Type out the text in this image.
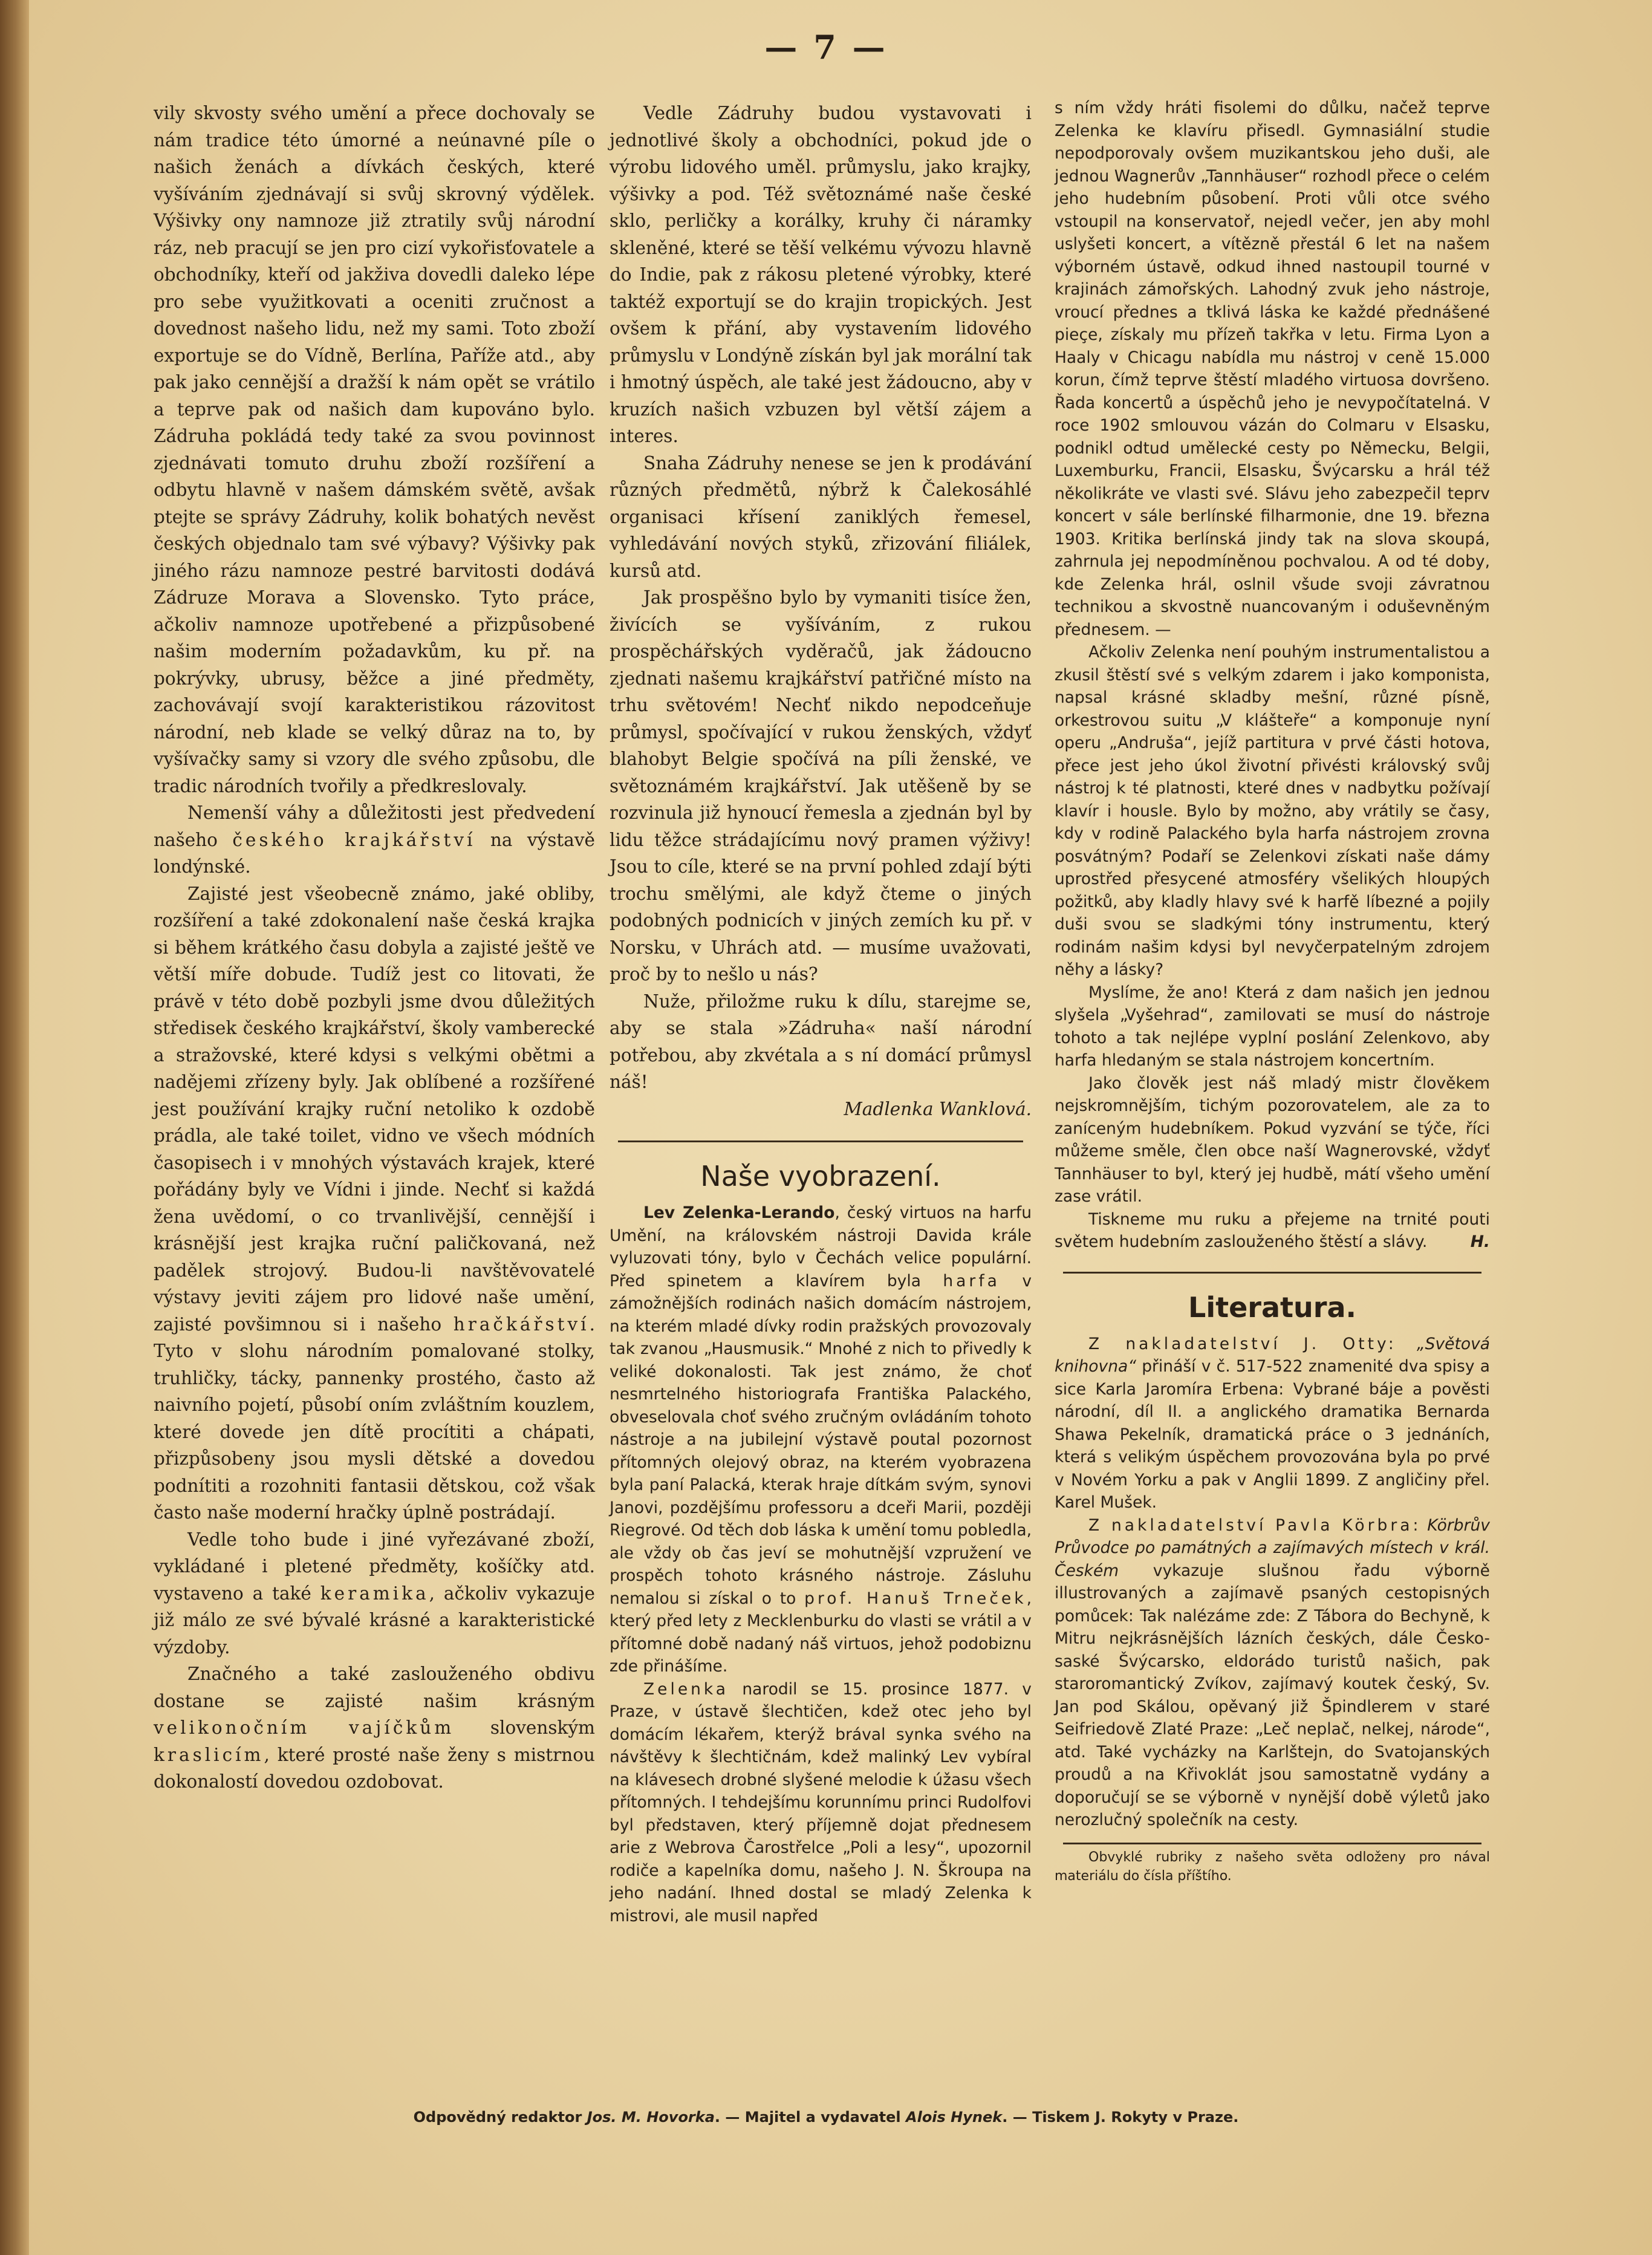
— 7 —

vily skvosty svého umění a přece dochovaly se nám tradice této úmorné a neúnavné píle o našich ženách a dívkách českých, které vyšíváním zjednávají si svůj skrovný výdělek. Výšivky ony namnoze již ztratily svůj národní ráz, neb pracují se jen pro cizí vykořisťovatele a obchodníky, kteří od jakživa dovedli daleko lépe pro sebe využitkovati a oceniti zručnost a dovednost našeho lidu, než my sami. Toto zboží exportuje se do Vídně, Berlína, Paříže atd., aby pak jako cennější a dražší k nám opět se vrátilo a teprve pak od našich dam kupováno bylo. Zádruha pokládá tedy také za svou povinnost zjednávati tomuto druhu zboží rozšíření a odbytu hlavně v našem dámském světě, avšak ptejte se správy Zádruhy, kolik bohatých nevěst českých objednalo tam své výbavy? Výšivky pak jiného rázu namnoze pestré barvitosti dodává Zádruze Morava a Slovensko. Tyto práce, ačkoliv namnoze upotřebené a přizpůsobené našim moderním požadavkům, ku př. na pokrývky, ubrusy, běžce a jiné předměty, zachovávají svojí karakteristikou rázovitost národní, neb klade se velký důraz na to, by vyšívačky samy si vzory dle svého způsobu, dle tradic národních tvořily a předkreslovaly.

Nemenší váhy a důležitosti jest předvedení našeho českého krajkářství na výstavě londýnské.

Zajisté jest všeobecně známo, jaké obliby, rozšíření a také zdokonalení naše česká krajka si během krátkého času dobyla a zajisté ještě ve větší míře dobude. Tudíž jest co litovati, že právě v této době pozbyli jsme dvou důležitých středisek českého krajkářství, školy vamberecké a stražovské, které kdysi s velkými obětmi a nadějemi zřízeny byly. Jak oblíbené a rozšířené jest používání krajky ruční netoliko k ozdobě prádla, ale také toilet, vidno ve všech módních časopisech i v mnohých výstavách krajek, které pořádány byly ve Vídni i jinde. Nechť si každá žena uvědomí, o co trvanlivější, cennější i krásnější jest krajka ruční paličkovaná, než padělek strojový. Budou-li navštěvovatelé výstavy jeviti zájem pro lidové naše umění, zajisté povšimnou si i našeho hračkářství. Tyto v slohu národním pomalované stolky, truhličky, tácky, pannenky prostého, často až naivního pojetí, působí oním zvláštním kouzlem, které dovede jen dítě procítiti a chápati, přizpůsobeny jsou mysli dětské a dovedou podnítiti a rozohniti fantasii dětskou, což však často naše moderní hračky úplně postrádají.

Vedle toho bude i jiné vyřezávané zboží, vykládané i pletené předměty, košíčky atd. vystaveno a také keramika, ačkoliv vykazuje již málo ze své bývalé krásné a karakteristické výzdoby.

Značného a také zaslouženého obdivu dostane se zajisté našim krásným velikonočním vajíčkům slovenským kraslicím, které prosté naše ženy s mistrnou dokonalostí dovedou ozdobovat.

Vedle Zádruhy budou vystavovati i jednotlivé školy a obchodníci, pokud jde o výrobu lidového uměl. průmyslu, jako krajky, výšivky a pod. Též světoznámé naše české sklo, perličky a korálky, kruhy či náramky skleněné, které se těší velkému vývozu hlavně do Indie, pak z rákosu pletené výrobky, které taktéž exportují se do krajin tropických. Jest ovšem k přání, aby vystavením lidového průmyslu v Londýně získán byl jak morální tak i hmotný úspěch, ale také jest žádoucno, aby v kruzích našich vzbuzen byl větší zájem a interes.

Snaha Zádruhy nenese se jen k prodávání různých předmětů, nýbrž k Čalekosáhlé organisaci křísení zaniklých řemesel, vyhledávání nových styků, zřizování filiálek, kursů atd.

Jak prospěšno bylo by vymaniti tisíce žen, živících se vyšíváním, z rukou prospěchářských vyděračů, jak žádoucno zjednati našemu krajkářství patřičné místo na trhu světovém! Nechť nikdo nepodceňuje průmysl, spočívající v rukou ženských, vždyť blahobyt Belgie spočívá na píli ženské, ve světoznámém krajkářství. Jak utěšeně by se rozvinula již hynoucí řemesla a zjednán byl by lidu těžce strádajícímu nový pramen výživy! Jsou to cíle, které se na první pohled zdají býti trochu smělými, ale když čteme o jiných podobných podnicích v jiných zemích ku př. v Norsku, v Uhrách atd. — musíme uvažovati, proč by to nešlo u nás?

Nuže, přiložme ruku k dílu, starejme se, aby se stala »Zádruha« naší národní potřebou, aby zkvétala a s ní domácí průmysl náš!

Madlenka Wanklová.

Naše vyobrazení.

Lev Zelenka-Lerando, český virtuos na harfu Umění, na královském nástroji Davida krále vyluzovati tóny, bylo v Čechách velice populární. Před spinetem a klavírem byla harfa v zámožnějších rodinách našich domácím nástrojem, na kterém mladé dívky rodin pražských provozovaly tak zvanou „Hausmusik.“ Mnohé z nich to přivedly k veliké dokonalosti. Tak jest známo, že choť nesmrtelného historiografa Františka Palackého, obveselovala choť svého zručným ovládáním tohoto nástroje a na jubilejní výstavě poutal pozornost přítomných olejový obraz, na kterém vyobrazena byla paní Palacká, kterak hraje dítkám svým, synovi Janovi, pozdějšímu professoru a dceři Marii, později Riegrové. Od těch dob láska k umění tomu pobledla, ale vždy ob čas jeví se mohutnější vzpružení ve prospěch tohoto krásného nástroje. Zásluhu nemalou si získal o to prof. Hanuš Trneček, který před lety z Mecklenburku do vlasti se vrátil a v přítomné době nadaný náš virtuos, jehož podobiznu zde přinášíme.

Zelenka narodil se 15. prosince 1877. v Praze, v ústavě šlechtičen, kdež otec jeho byl domácím lékařem, kterýž brával synka svého na návštěvy k šlechtičnám, kdež malinký Lev vybíral na klávesech drobné slyšené melodie k úžasu všech přítomných. I tehdejšímu korunnímu princi Rudolfovi byl představen, který příjemně dojat přednesem arie z Webrova Čarostřelce „Poli a lesy“, upozornil rodiče a kapelníka domu, našeho J. N. Škroupa na jeho nadání. Ihned dostal se mladý Zelenka k mistrovi, ale musil napřed

s ním vždy hráti fisolemi do důlku, načež teprve Zelenka ke klavíru přisedl. Gymnasiální studie nepodporovaly ovšem muzikantskou jeho duši, ale jednou Wagnerův „Tannhäuser“ rozhodl přece o celém jeho hudebním působení. Proti vůli otce svého vstoupil na konservatoř, nejedl večer, jen aby mohl uslyšeti koncert, a vítězně přestál 6 let na našem výborném ústavě, odkud ihned nastoupil tourné v krajinách zámořských. Lahodný zvuk jeho nástroje, vroucí přednes a tklivá láska ke každé přednášené pieçe, získaly mu přízeň takřka v letu. Firma Lyon a Haaly v Chicagu nabídla mu nástroj v ceně 15.000 korun, čímž teprve štěstí mladého virtuosa dovršeno. Řada koncertů a úspěchů jeho je nevypočítatelná. V roce 1902 smlouvou vázán do Colmaru v Elsasku, podnikl odtud umělecké cesty po Německu, Belgii, Luxemburku, Francii, Elsasku, Švýcarsku a hrál též několikráte ve vlasti své. Slávu jeho zabezpečil teprv koncert v sále berlínské filharmonie, dne 19. března 1903. Kritika berlínská jindy tak na slova skoupá, zahrnula jej nepodmíněnou pochvalou. A od té doby, kde Zelenka hrál, oslnil všude svoji závratnou technikou a skvostně nuancovaným i oduševněným přednesem. —

Ačkoliv Zelenka není pouhým instrumentalistou a zkusil štěstí své s velkým zdarem i jako komponista, napsal krásné skladby mešní, různé písně, orkestrovou suitu „V klášteře“ a komponuje nyní operu „Andruša“, jejíž partitura v prvé části hotova, přece jest jeho úkol životní přivésti královský svůj nástroj k té platnosti, které dnes v nadbytku požívají klavír i housle. Bylo by možno, aby vrátily se časy, kdy v rodině Palackého byla harfa nástrojem zrovna posvátným? Podaří se Zelenkovi získati naše dámy uprostřed přesycené atmosféry všelikých hloupých požitků, aby kladly hlavy své k harfě líbezné a pojily duši svou se sladkými tóny instrumentu, který rodinám našim kdysi byl nevyčerpatelným zdrojem něhy a lásky?

Myslíme, že ano! Která z dam našich jen jednou slyšela „Vyšehrad“, zamilovati se musí do nástroje tohoto a tak nejlépe vyplní poslání Zelenkovo, aby harfa hledaným se stala nástrojem koncertním.

Jako člověk jest náš mladý mistr člověkem nejskromnějším, tichým pozorovatelem, ale za to zaníceným hudebníkem. Pokud vyzvání se týče, říci můžeme směle, člen obce naší Wagnerovské, vždyť Tannhäuser to byl, který jej hudbě, mátí všeho umění zase vrátil.

Tiskneme mu ruku a přejeme na trnité pouti světem hudebním zaslouženého štěstí a slávy.	H.

Literatura.

Z nakladatelství J. Otty: „Světová knihovna“ přináší v č. 517-522 znamenité dva spisy a sice Karla Jaromíra Erbena: Vybrané báje a pověsti národní, díl II. a anglického dramatika Bernarda Shawa Pekelník, dramatická práce o 3 jednáních, která s velikým úspěchem provozována byla po prvé v Novém Yorku a pak v Anglii 1899. Z angličiny přel. Karel Mušek.

Z nakladatelství Pavla Körbra: Körbrův Průvodce po památných a zajímavých místech v král. Českém vykazuje slušnou řadu výborně illustrovaných a zajímavě psaných cestopisných pomůcek: Tak nalézáme zde: Z Tábora do Bechyně, k Mitru nejkrásnějších lázních českých, dále Česko-saské Švýcarsko, eldorádo turistů našich, pak staroromantický Zvíkov, zajímavý koutek český, Sv. Jan pod Skálou, opěvaný již Špindlerem v staré Seifriedově Zlaté Praze: „Leč neplač, nelkej, národe“, atd. Také vycházky na Karlštejn, do Svatojanských proudů a na Křivoklát jsou samostatně vydány a doporučují se se výborně v nynější době výletů jako nerozlučný společník na cesty.

Obvyklé rubriky z našeho světa odloženy pro nával materiálu do čísla příštího.

Odpovědný redaktor Jos. M. Hovorka. — Majitel a vydavatel Alois Hynek. — Tiskem J. Rokyty v Praze.
